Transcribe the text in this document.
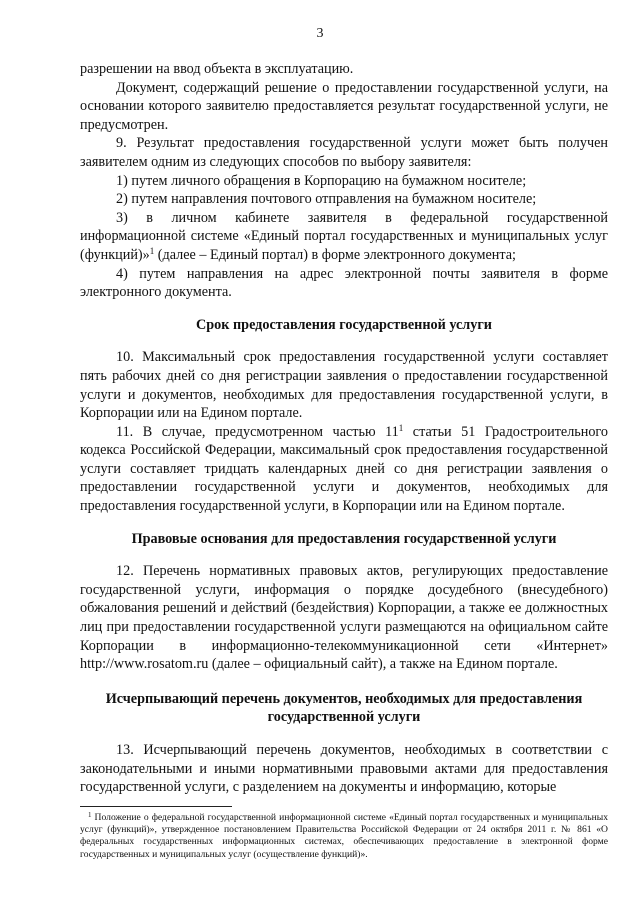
3

разрешении на ввод объекта в эксплуатацию.

Документ, содержащий решение о предоставлении государственной услуги, на основании которого заявителю предоставляется результат государственной услуги, не предусмотрен.

9. Результат предоставления государственной услуги может быть получен заявителем одним из следующих способов по выбору заявителя:

1) путем личного обращения в Корпорацию на бумажном носителе;

2) путем направления почтового отправления на бумажном носителе;

3) в личном кабинете заявителя в федеральной государственной информационной системе «Единый портал государственных и муниципальных услуг (функций)»$^1$ (далее – Единый портал) в форме электронного документа;

4) путем направления на адрес электронной почты заявителя в форме электронного документа.

Срок предоставления государственной услуги

10. Максимальный срок предоставления государственной услуги составляет пять рабочих дней со дня регистрации заявления о предоставлении государственной услуги и документов, необходимых для предоставления государственной услуги, в Корпорации или на Едином портале.

11. В случае, предусмотренном частью $11^1$ статьи 51 Градостроительного кодекса Российской Федерации, максимальный срок предоставления государственной услуги составляет тридцать календарных дней со дня регистрации заявления о предоставлении государственной услуги и документов, необходимых для предоставления государственной услуги, в Корпорации или на Едином портале.

Правовые основания для предоставления государственной услуги

12. Перечень нормативных правовых актов, регулирующих предоставление государственной услуги, информация о порядке досудебного (внесудебного) обжалования решений и действий (бездействия) Корпорации, а также ее должностных лиц при предоставлении государственной услуги размещаются на официальном сайте Корпорации в информационно-телекоммуникационной сети «Интернет» http://www.rosatom.ru (далее – официальный сайт), а также на Едином портале.

Исчерпывающий перечень документов, необходимых для предоставления государственной услуги

13. Исчерпывающий перечень документов, необходимых в соответствии с законодательными и иными нормативными правовыми актами для предоставления государственной услуги, с разделением на документы и информацию, которые

$^1$ Положение о федеральной государственной информационной системе «Единый портал государственных и муниципальных услуг (функций)», утвержденное постановлением Правительства Российской Федерации от 24 октября 2011 г. № 861 «О федеральных государственных информационных системах, обеспечивающих предоставление в электронной форме государственных и муниципальных услуг (осуществление функций)».
